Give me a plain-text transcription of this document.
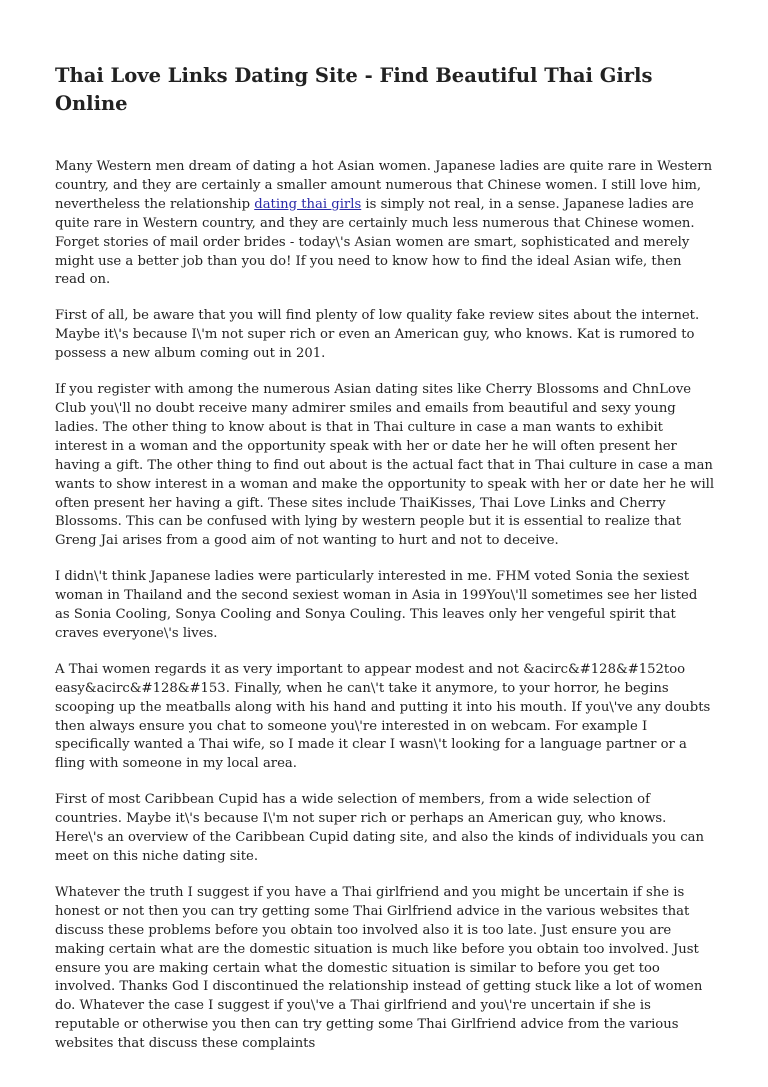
Thai Love Links Dating Site - Find Beautiful Thai Girls Online

Many Western men dream of dating a hot Asian women. Japanese ladies are quite rare in Western country, and they are certainly a smaller amount numerous that Chinese women. I still love him, nevertheless the relationship dating thai girls is simply not real, in a sense. Japanese ladies are quite rare in Western country, and they are certainly much less numerous that Chinese women. Forget stories of mail order brides - today\'s Asian women are smart, sophisticated and merely might use a better job than you do! If you need to know how to find the ideal Asian wife, then read on.

First of all, be aware that you will find plenty of low quality fake review sites about the internet. Maybe it\'s because I\'m not super rich or even an American guy, who knows. Kat is rumored to possess a new album coming out in 201.

If you register with among the numerous Asian dating sites like Cherry Blossoms and ChnLove Club you\'ll no doubt receive many admirer smiles and emails from beautiful and sexy young ladies. The other thing to know about is that in Thai culture in case a man wants to exhibit interest in a woman and the opportunity speak with her or date her he will often present her having a gift. The other thing to find out about is the actual fact that in Thai culture in case a man wants to show interest in a woman and make the opportunity to speak with her or date her he will often present her having a gift. These sites include ThaiKisses, Thai Love Links and Cherry Blossoms. This can be confused with lying by western people but it is essential to realize that Greng Jai arises from a good aim of not wanting to hurt and not to deceive.

I didn\'t think Japanese ladies were particularly interested in me. FHM voted Sonia the sexiest woman in Thailand and the second sexiest woman in Asia in 199You\'ll sometimes see her listed as Sonia Cooling, Sonya Cooling and Sonya Couling. This leaves only her vengeful spirit that craves everyone\'s lives.

A Thai women regards it as very important to appear modest and not &acirc&#128&#152too easy&acirc&#128&#153. Finally, when he can\'t take it anymore, to your horror, he begins scooping up the meatballs along with his hand and putting it into his mouth. If you\'ve any doubts then always ensure you chat to someone you\'re interested in on webcam. For example I specifically wanted a Thai wife, so I made it clear I wasn\'t looking for a language partner or a fling with someone in my local area.

First of most Caribbean Cupid has a wide selection of members, from a wide selection of countries. Maybe it\'s because I\'m not super rich or perhaps an American guy, who knows. Here\'s an overview of the Caribbean Cupid dating site, and also the kinds of individuals you can meet on this niche dating site.

Whatever the truth I suggest if you have a Thai girlfriend and you might be uncertain if she is honest or not then you can try getting some Thai Girlfriend advice in the various websites that discuss these problems before you obtain too involved also it is too late. Just ensure you are making certain what are the domestic situation is much like before you obtain too involved. Just ensure you are making certain what the domestic situation is similar to before you get too involved. Thanks God I discontinued the relationship instead of getting stuck like a lot of women do. Whatever the case I suggest if you\'ve a Thai girlfriend and you\'re uncertain if she is reputable or otherwise you then can try getting some Thai Girlfriend advice from the various websites that discuss these complaints
